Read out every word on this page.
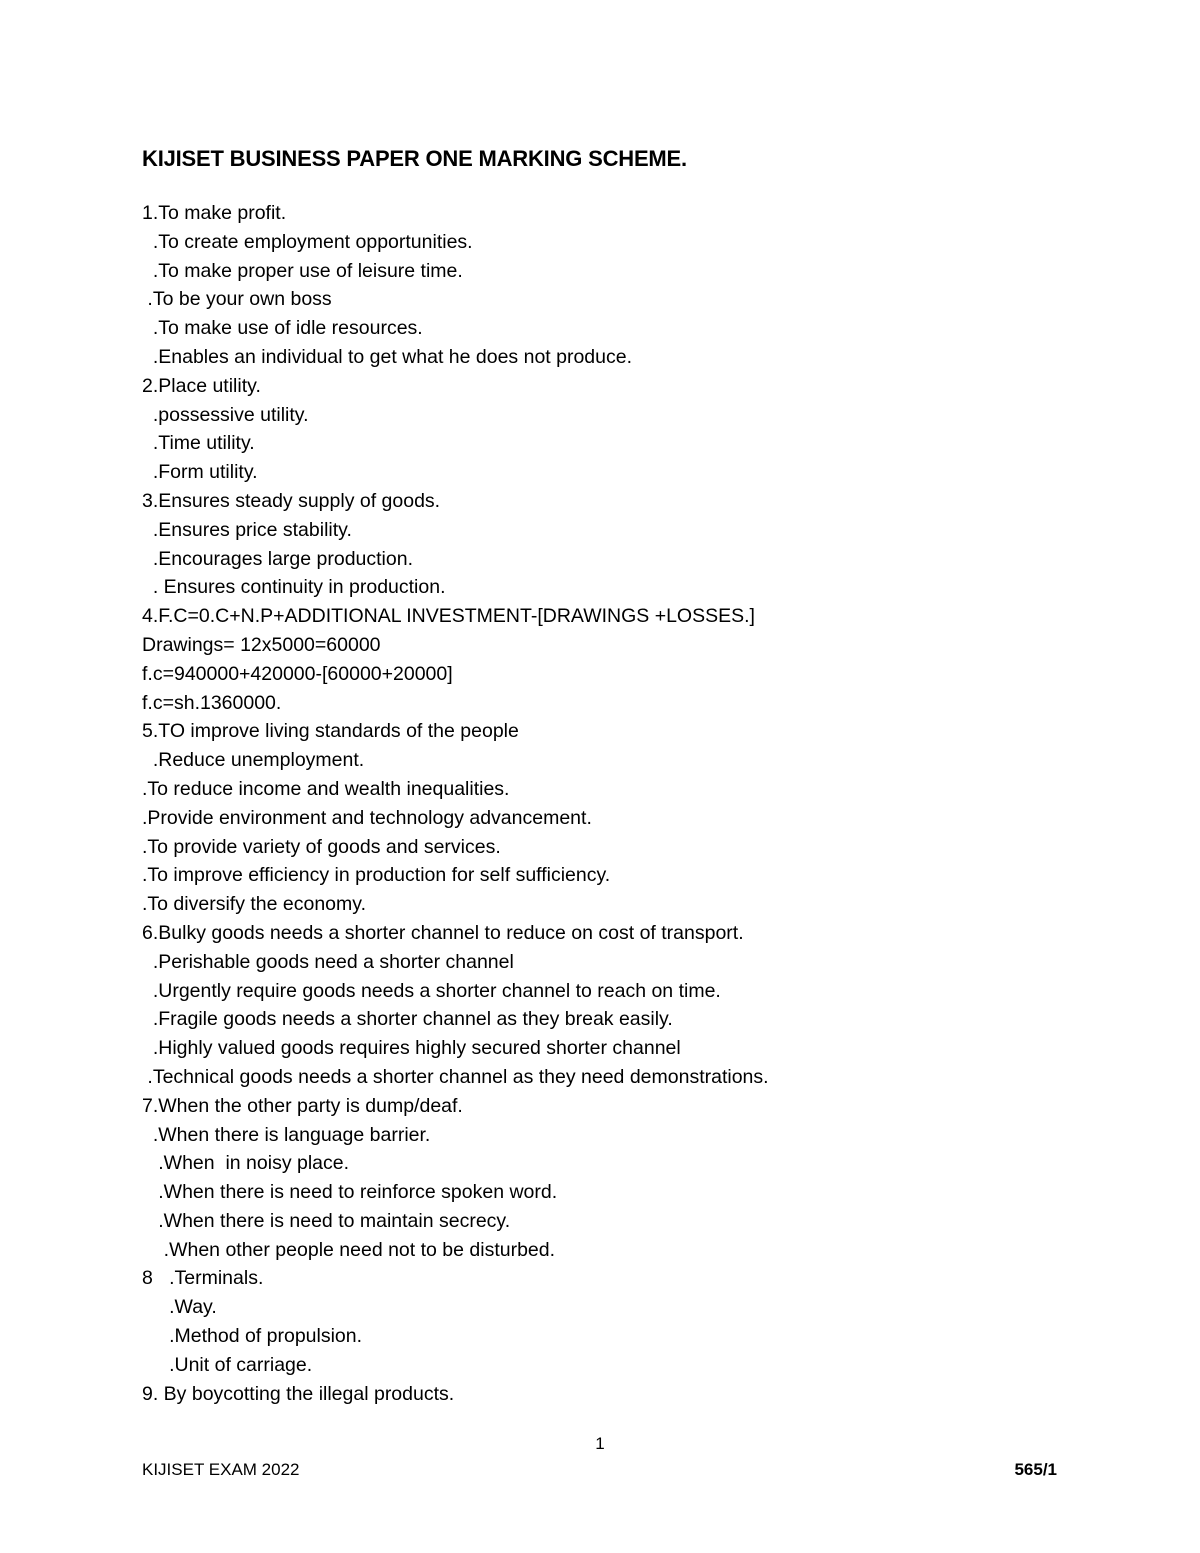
KIJISET BUSINESS PAPER ONE MARKING SCHEME.
1.To make profit.
.To create employment opportunities.
.To make proper use of leisure time.
.To be your own boss
.To make use of idle resources.
.Enables an individual to get what he does not produce.
2.Place utility.
.possessive utility.
.Time utility.
.Form utility.
3.Ensures steady supply of goods.
.Ensures price stability.
.Encourages large production.
. Ensures continuity in production.
4.F.C=0.C+N.P+ADDITIONAL INVESTMENT-[DRAWINGS +LOSSES.]
Drawings= 12x5000=60000
f.c=940000+420000-[60000+20000]
f.c=sh.1360000.
5.TO improve living standards of the people
.Reduce unemployment.
.To reduce income and wealth inequalities.
.Provide environment and technology advancement.
.To provide variety of goods and services.
.To improve efficiency in production for self sufficiency.
.To diversify the economy.
6.Bulky goods needs a shorter channel to reduce on cost of transport.
.Perishable goods need a shorter channel
.Urgently require goods needs a shorter channel to reach on time.
.Fragile goods needs a shorter channel as they break easily.
.Highly valued goods requires highly secured shorter channel
.Technical goods needs a shorter channel as they need demonstrations.
7.When the other party is dump/deaf.
.When there is language barrier.
.When  in noisy place.
.When there is need to reinforce spoken word.
.When there is need to maintain secrecy.
.When other people need not to be disturbed.
8   .Terminals.
.Way.
.Method of propulsion.
.Unit of carriage.
9. By boycotting the illegal products.
1
KIJISET EXAM 2022	565/1
